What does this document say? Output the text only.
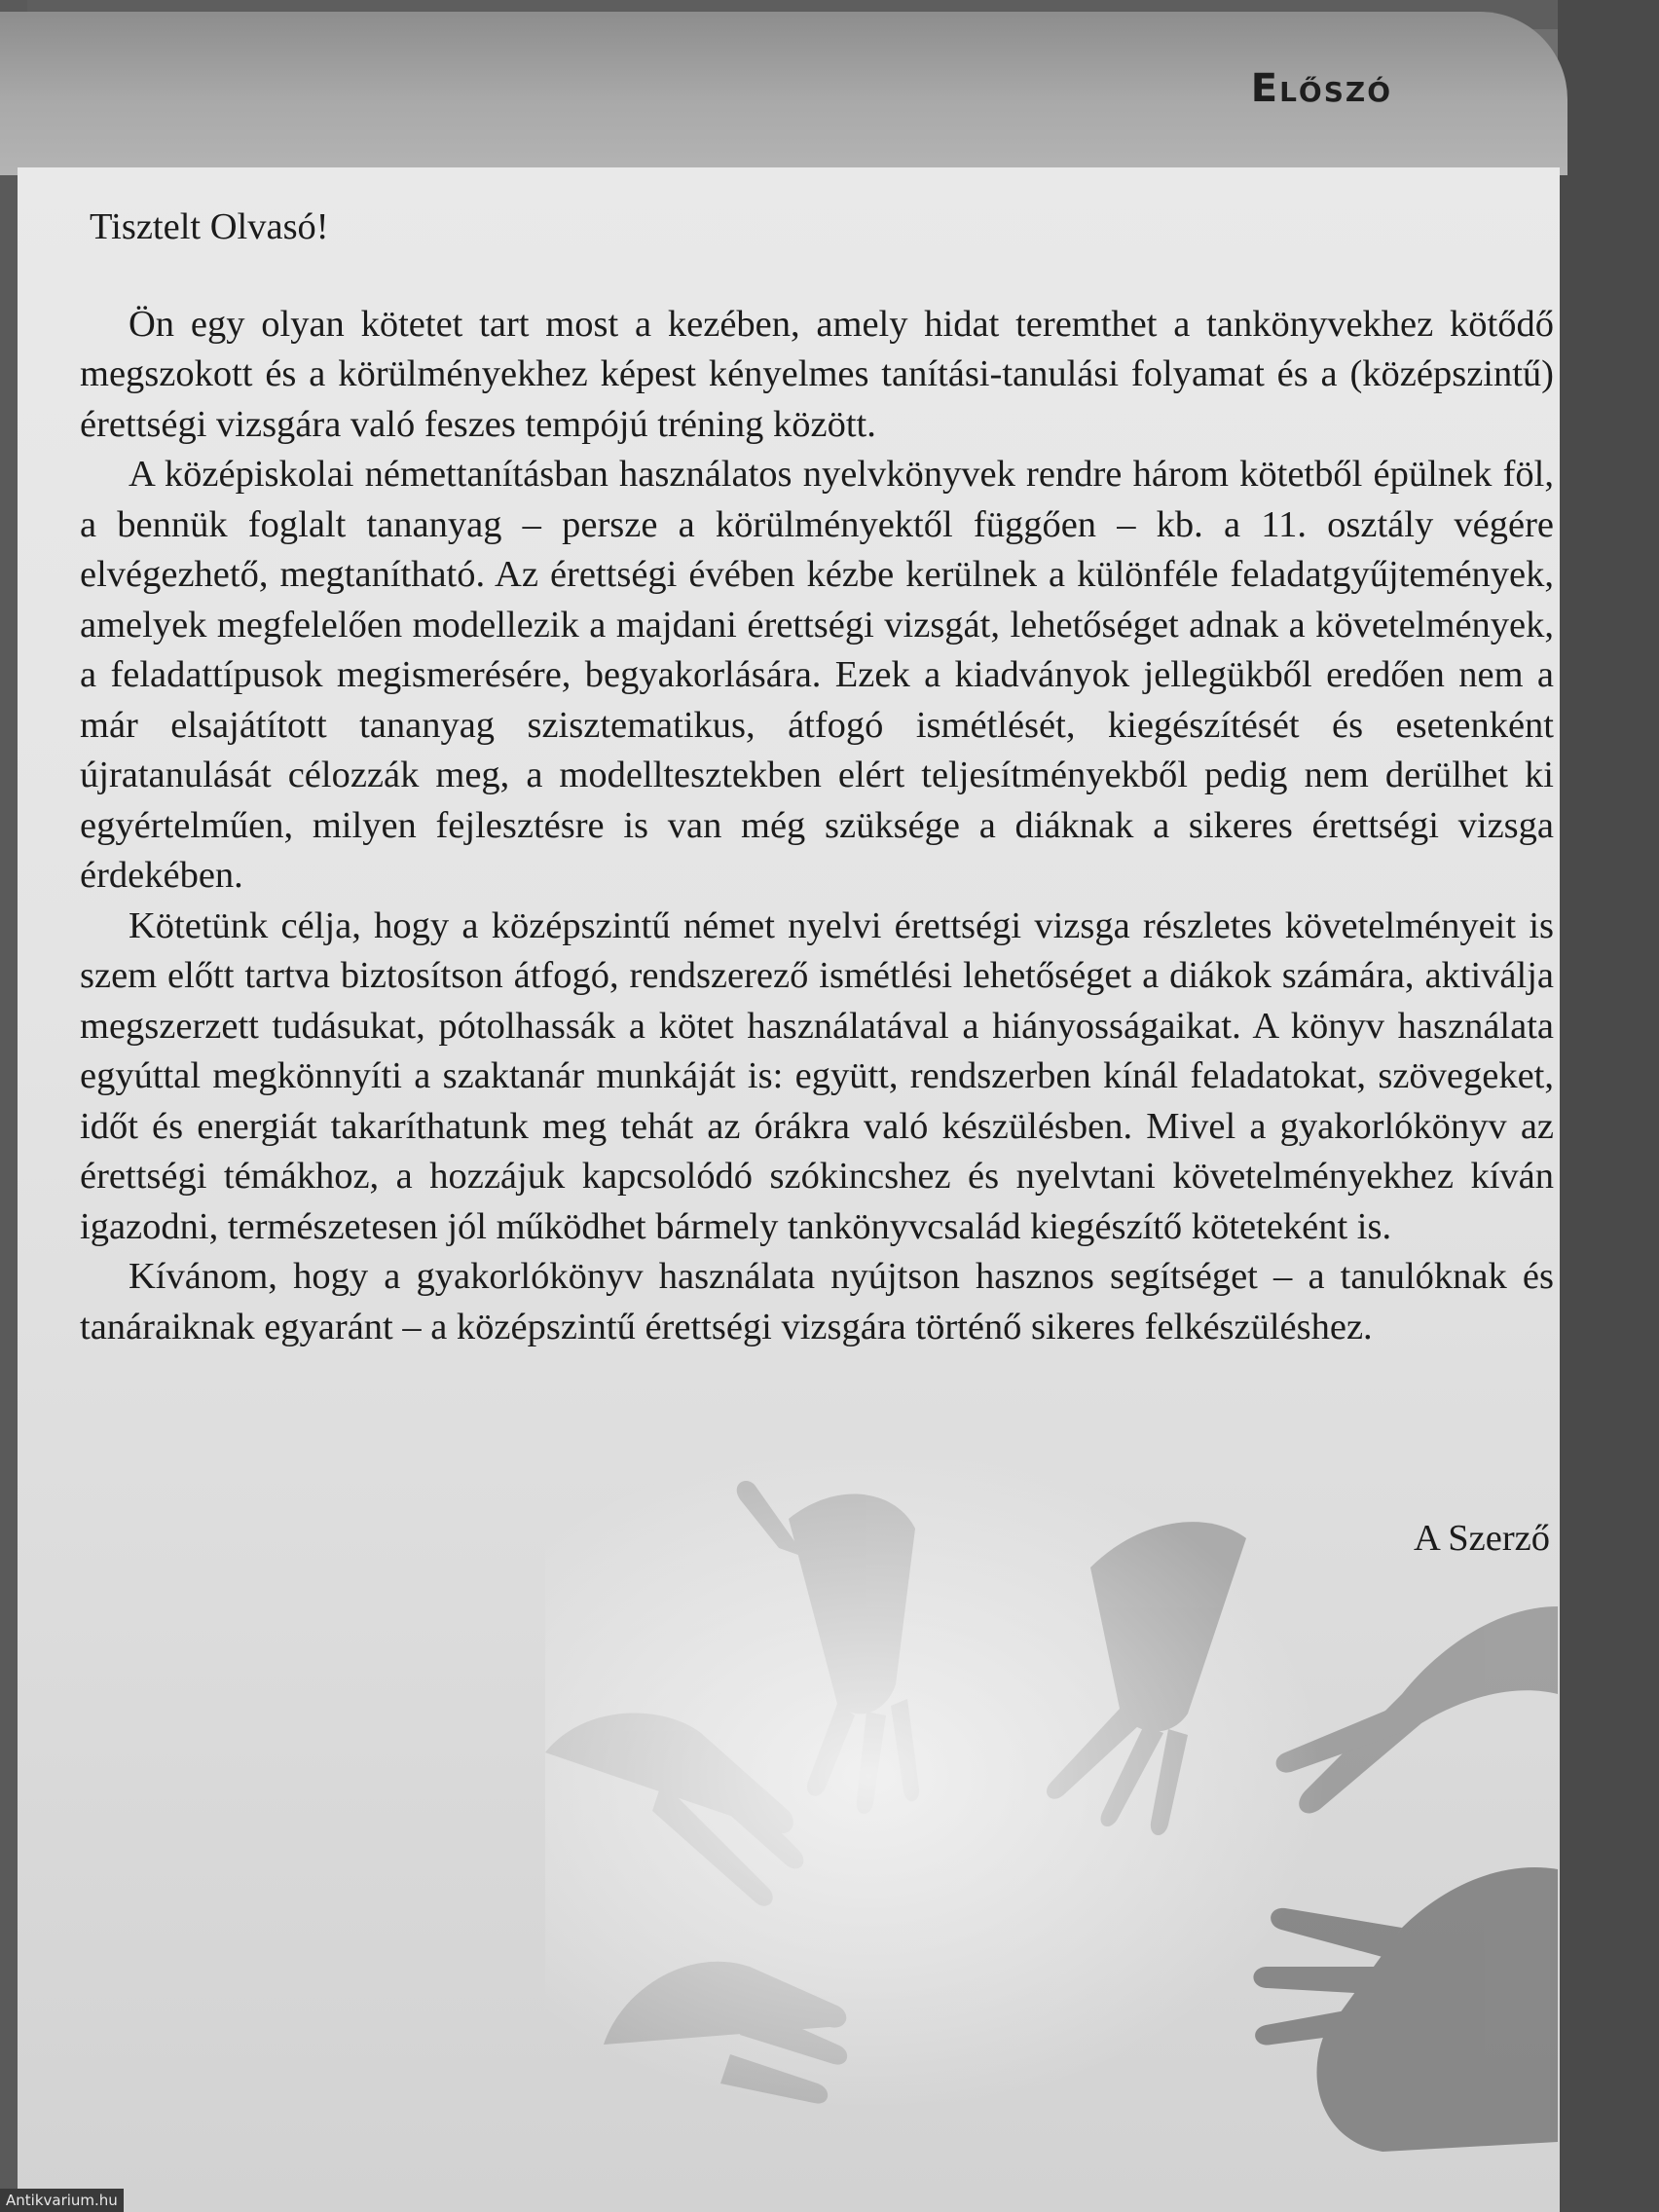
Előszó

Tisztelt Olvasó!

Ön egy olyan kötetet tart most a kezében, amely hidat teremthet a tankönyvekhez kötődő megszokott és a körülményekhez képest kényelmes tanítási-tanulási folyamat és a (középszintű) érettségi vizsgára való feszes tempójú tréning között.

A középiskolai némettanításban használatos nyelvkönyvek rendre három kötetből épülnek föl, a bennük foglalt tananyag – persze a körülményektől függően – kb. a 11. osztály végére elvégezhető, megtanítható. Az érettségi évében kézbe kerülnek a különféle feladatgyűjtemények, amelyek megfelelően modellezik a majdani érettségi vizsgát, lehetőséget adnak a követelmények, a feladattípusok megismerésére, begyakorlására. Ezek a kiadványok jellegükből eredően nem a már elsajátított tananyag szisztematikus, átfogó ismétlését, kiegészítését és esetenként újratanulását célozzák meg, a modelltesztekben elért teljesítményekből pedig nem derülhet ki egyértelműen, milyen fejlesztésre is van még szüksége a diáknak a sikeres érettségi vizsga érdekében.

Kötetünk célja, hogy a középszintű német nyelvi érettségi vizsga részletes követelményeit is szem előtt tartva biztosítson átfogó, rendszerező ismétlési lehetőséget a diákok számára, aktiválja megszerzett tudásukat, pótolhassák a kötet használatával a hiányosságaikat. A könyv használata egyúttal megkönnyíti a szaktanár munkáját is: együtt, rendszerben kínál feladatokat, szövegeket, időt és energiát takaríthatunk meg tehát az órákra való készülésben. Mivel a gyakorlókönyv az érettségi témákhoz, a hozzájuk kapcsolódó szókincshez és nyelvtani követelményekhez kíván igazodni, természetesen jól működhet bármely tankönyvcsalád kiegészítő köteteként is.

Kívánom, hogy a gyakorlókönyv használata nyújtson hasznos segítséget – a tanulóknak és tanáraiknak egyaránt – a középszintű érettségi vizsgára történő sikeres felkészüléshez.

A Szerző
Antikvarium.hu
